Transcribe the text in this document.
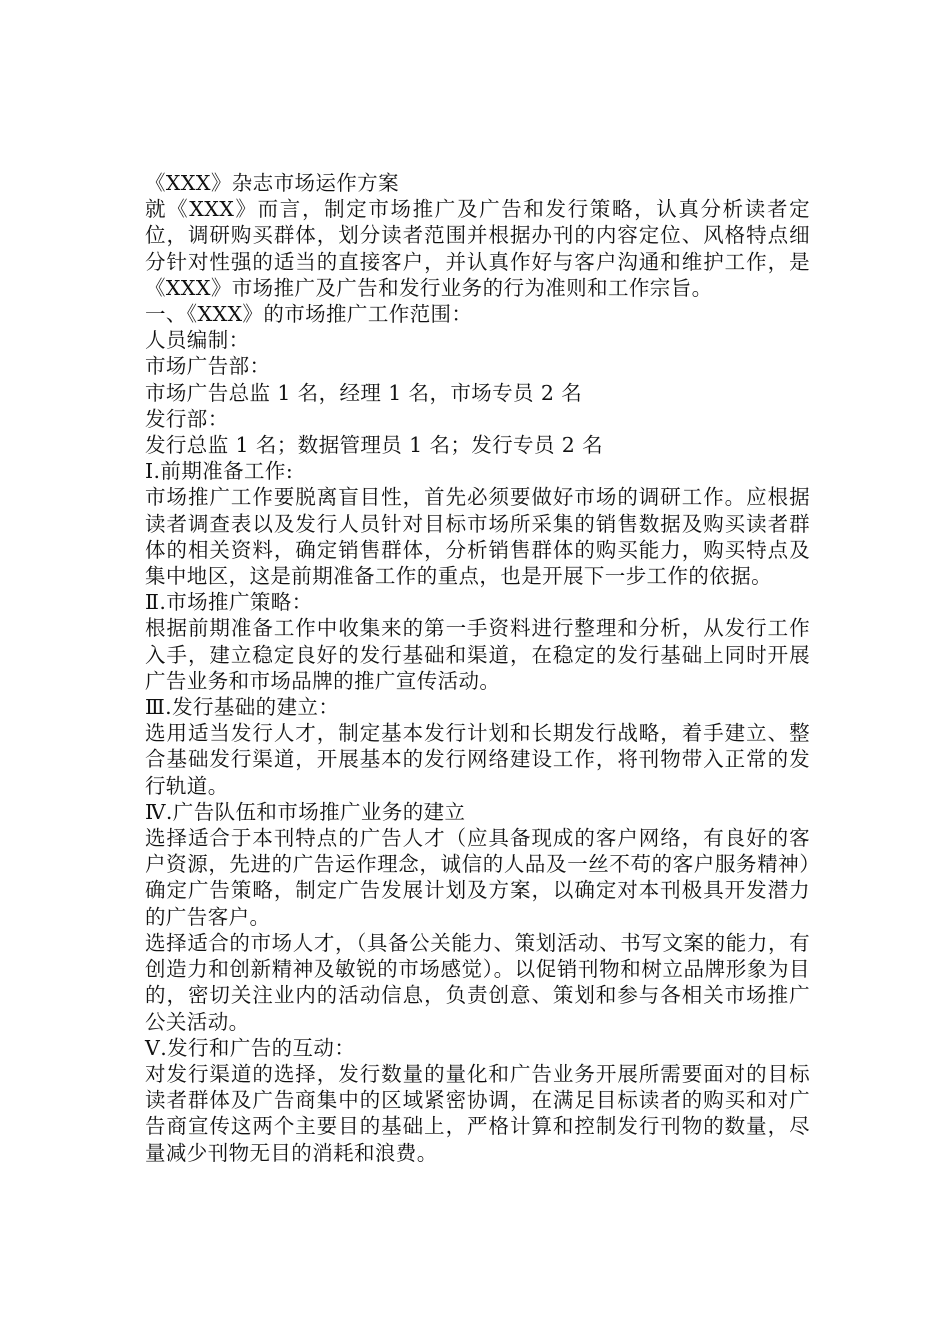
《XXX》杂志市场运作方案

就《XXX》而言，制定市场推广及广告和发行策略，认真分析读者定位，调研购买群体，划分读者范围并根据办刊的内容定位、风格特点细分针对性强的适当的直接客户，并认真作好与客户沟通和维护工作，是《XXX》市场推广及广告和发行业务的行为准则和工作宗旨。

一、《XXX》的市场推广工作范围：

人员编制：

市场广告部：

市场广告总监 1 名，经理 1 名，市场专员 2 名

发行部：

发行总监 1 名；数据管理员 1 名；发行专员 2 名

Ⅰ.前期准备工作:

市场推广工作要脱离盲目性，首先必须要做好市场的调研工作。应根据读者调查表以及发行人员针对目标市场所采集的销售数据及购买读者群体的相关资料，确定销售群体，分析销售群体的购买能力，购买特点及集中地区，这是前期准备工作的重点，也是开展下一步工作的依据。

Ⅱ.市场推广策略：

根据前期准备工作中收集来的第一手资料进行整理和分析，从发行工作入手，建立稳定良好的发行基础和渠道，在稳定的发行基础上同时开展广告业务和市场品牌的推广宣传活动。

Ⅲ.发行基础的建立：

选用适当发行人才，制定基本发行计划和长期发行战略，着手建立、整合基础发行渠道，开展基本的发行网络建设工作，将刊物带入正常的发行轨道。

Ⅳ.广告队伍和市场推广业务的建立

选择适合于本刊特点的广告人才（应具备现成的客户网络，有良好的客户资源，先进的广告运作理念，诚信的人品及一丝不苟的客户服务精神）确定广告策略，制定广告发展计划及方案，以确定对本刊极具开发潜力的广告客户。

选择适合的市场人才，（具备公关能力、策划活动、书写文案的能力，有创造力和创新精神及敏锐的市场感觉）。以促销刊物和树立品牌形象为目的，密切关注业内的活动信息，负责创意、策划和参与各相关市场推广公关活动。

Ⅴ.发行和广告的互动：

对发行渠道的选择，发行数量的量化和广告业务开展所需要面对的目标读者群体及广告商集中的区域紧密协调，在满足目标读者的购买和对广告商宣传这两个主要目的基础上，严格计算和控制发行刊物的数量，尽量减少刊物无目的消耗和浪费。
